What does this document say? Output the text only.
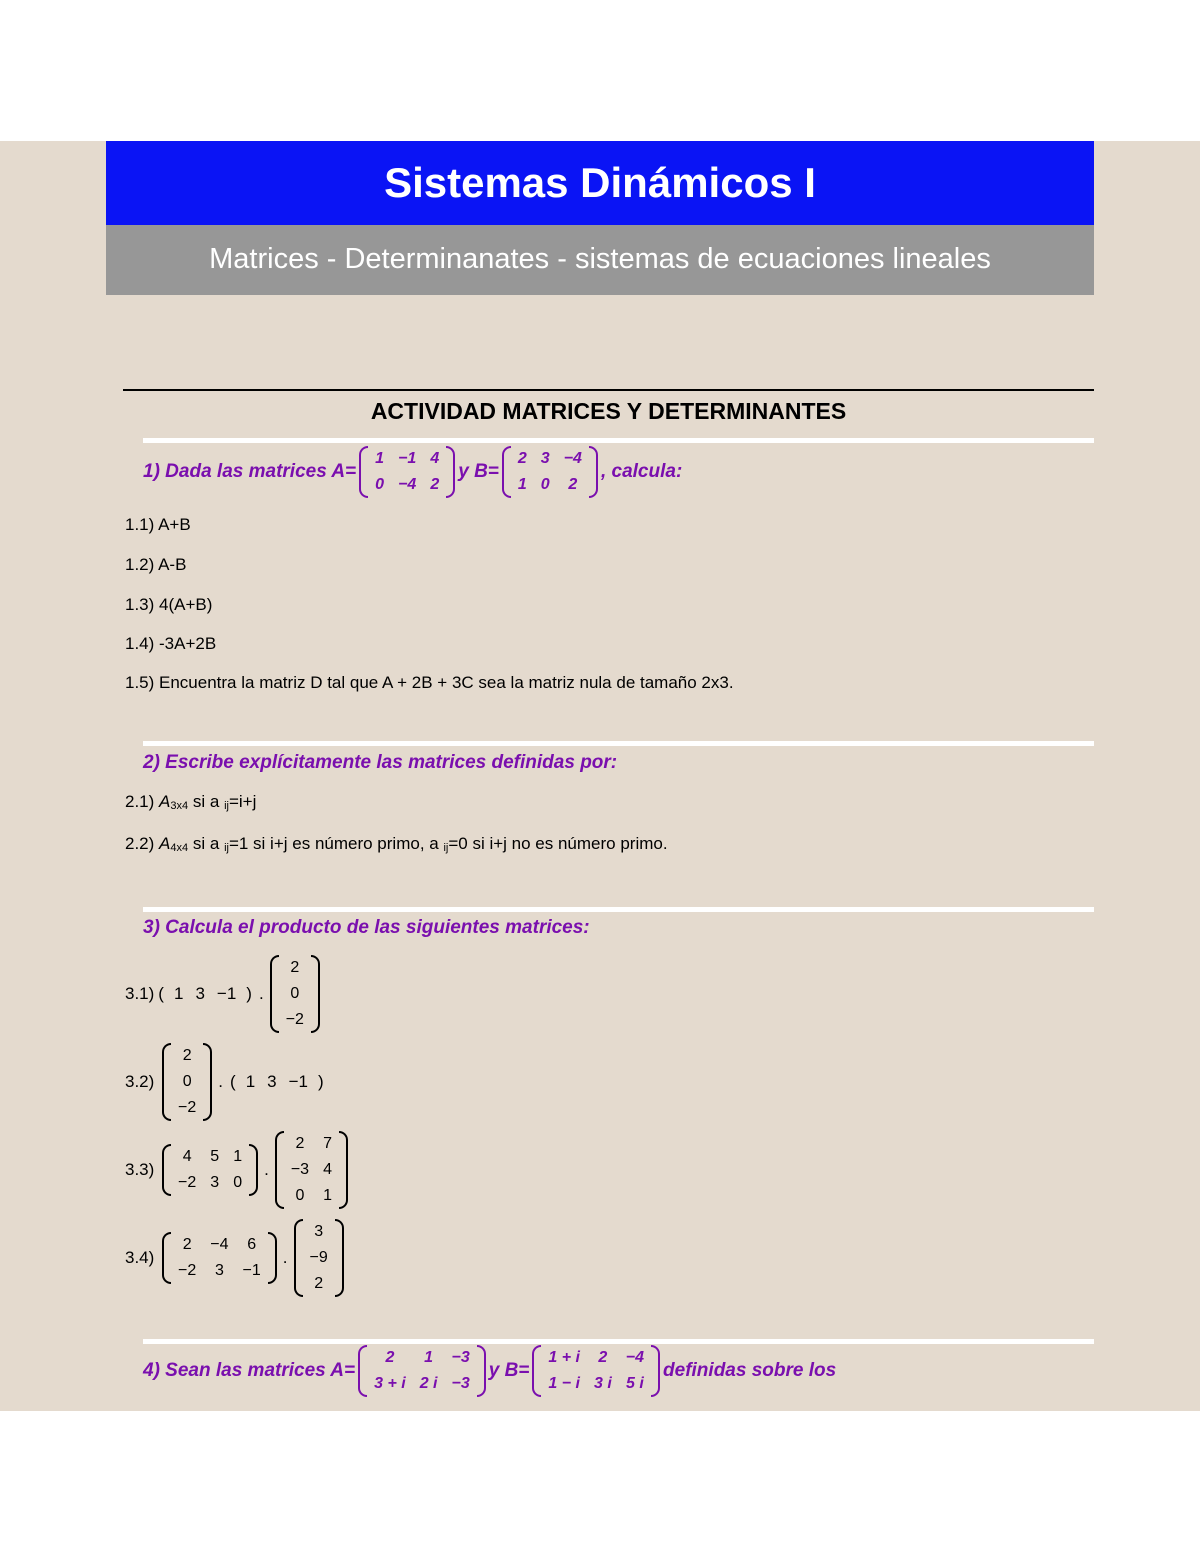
Sistemas Dinámicos I
Matrices - Determinanates - sistemas de ecuaciones lineales
ACTIVIDAD MATRICES Y DETERMINANTES
1) Dada las matrices A=
1	−1	4
0	−4	2
y B=
2	3	−4
1	0	2
, calcula:
1.1) A+B
1.2) A-B
1.3) 4(A+B)
1.4) -3A+2B
1.5) Encuentra la matriz D tal que A + 2B + 3C sea la matriz nula de tamaño 2x3.
2) Escribe explícitamente las matrices definidas por:
2.1)
A 3x4
si a
ij =i+j
2.2)
A 4x4
si a
ij =1 si i+j es número primo, a
ij =0 si i+j no es número primo.
3) Calcula el producto de las siguientes matrices:
3.1) ( 1 3 −1 ) .
2
0
−2
3.2)

2
0
−2
. ( 1 3 −1 )
3.3)

4	5	1
−2	3	0
.
2	7
−3	4
0	1
3.4)

2	−4	6
−2	3	−1
.
3
−9
2
4) Sean las matrices A=
2	1	−3
3 + i	2 i	−3
y B=
1 + i	2	−4
1 − i	3 i	5 i
definidas sobre los
